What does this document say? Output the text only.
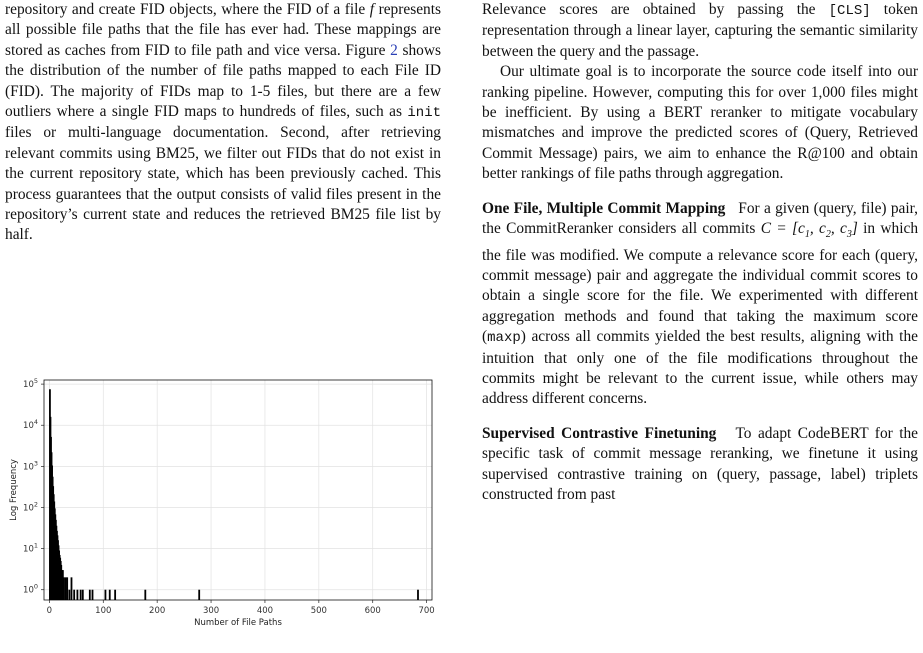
repository and create FID objects, where the FID of a file f represents all possible file paths that the file has ever had. These mappings are stored as caches from FID to file path and vice versa. Figure 2 shows the distribution of the number of file paths mapped to each File ID (FID). The majority of FIDs map to 1-5 files, but there are a few outliers where a single FID maps to hundreds of files, such as init files or multi-language documentation. Second, after retrieving relevant commits using BM25, we filter out FIDs that do not exist in the current repository state, which has been previously cached. This process guarantees that the output consists of valid files present in the repository’s current state and reduces the retrieved BM25 file list by half.

0	100	200	300	400	500	600	700
$10^0$
$10^1$
$10^2$
$10^3$
$10^4$
$10^5$
Number of File Paths
Log Frequency

Relevance scores are obtained by passing the [CLS] token representation through a linear layer, capturing the semantic similarity between the query and the passage.

Our ultimate goal is to incorporate the source code itself into our ranking pipeline. However, computing this for over 1,000 files might be inefficient. By using a BERT reranker to mitigate vocabulary mismatches and improve the predicted scores of (Query, Retrieved Commit Message) pairs, we aim to enhance the R@100 and obtain better rankings of file paths through aggregation.

One File, Multiple Commit Mapping For a given (query, file) pair, the CommitReranker considers all commits $C = [c_1$, $c_2$, $c_3$] in which the file was modified. We compute a relevance score for each (query, commit message) pair and aggregate the individual commit scores to obtain a single score for the file. We experimented with different aggregation methods and found that taking the maximum score (maxp) across all commits yielded the best results, aligning with the intuition that only one of the file modifications throughout the commits might be relevant to the current issue, while others may address different concerns.

Supervised Contrastive Finetuning To adapt CodeBERT for the specific task of commit message reranking, we finetune it using supervised contrastive training on (query, passage, label) triplets constructed from past
